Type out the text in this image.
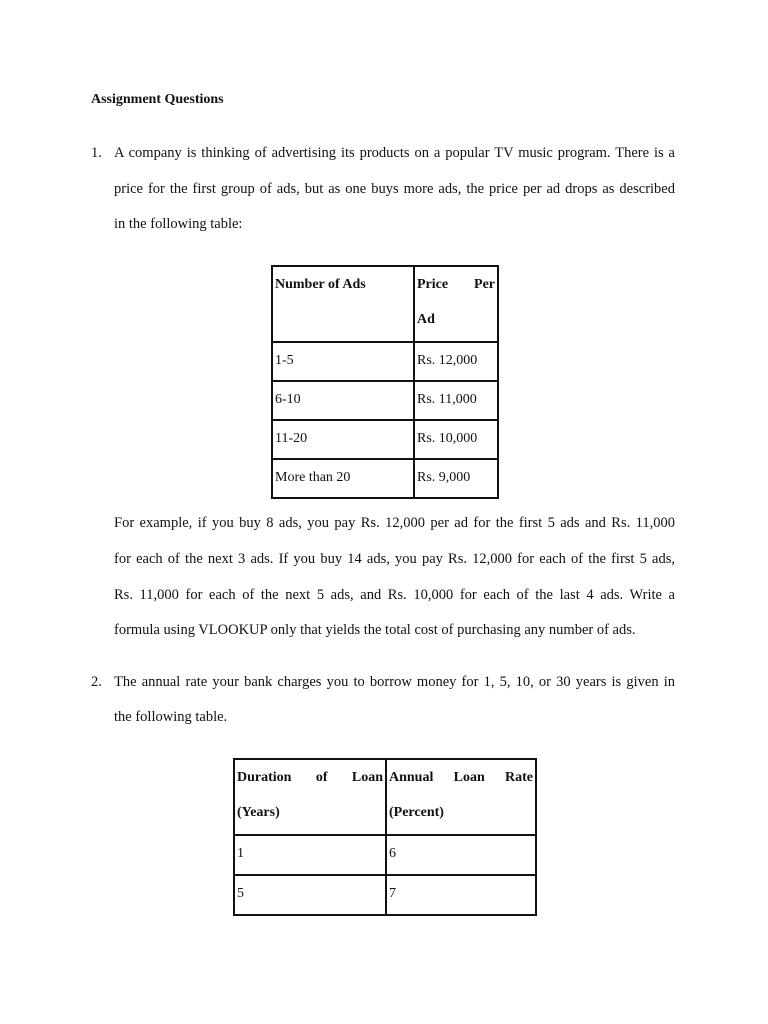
Assignment Questions
1. A company is thinking of advertising its products on a popular TV music program. There is a
price for the first group of ads, but as one buys more ads, the price per ad drops as described
in the following table:
Number of Ads	Price Per
Ad

1-5	Rs. 12,000
6-10	Rs. 11,000
11-20	Rs. 10,000
More than 20	Rs. 9,000
For example, if you buy 8 ads, you pay Rs. 12,000 per ad for the first 5 ads and Rs. 11,000
for each of the next 3 ads. If you buy 14 ads, you pay Rs. 12,000 for each of the first 5 ads,
Rs. 11,000 for each of the next 5 ads, and Rs. 10,000 for each of the last 4 ads. Write a
formula using VLOOKUP only that yields the total cost of purchasing any number of ads.
2. The annual rate your bank charges you to borrow money for 1, 5, 10, or 30 years is given in
the following table.
Duration of Loan
(Years)	Annual Loan Rate
(Percent)

1	6
5	7
